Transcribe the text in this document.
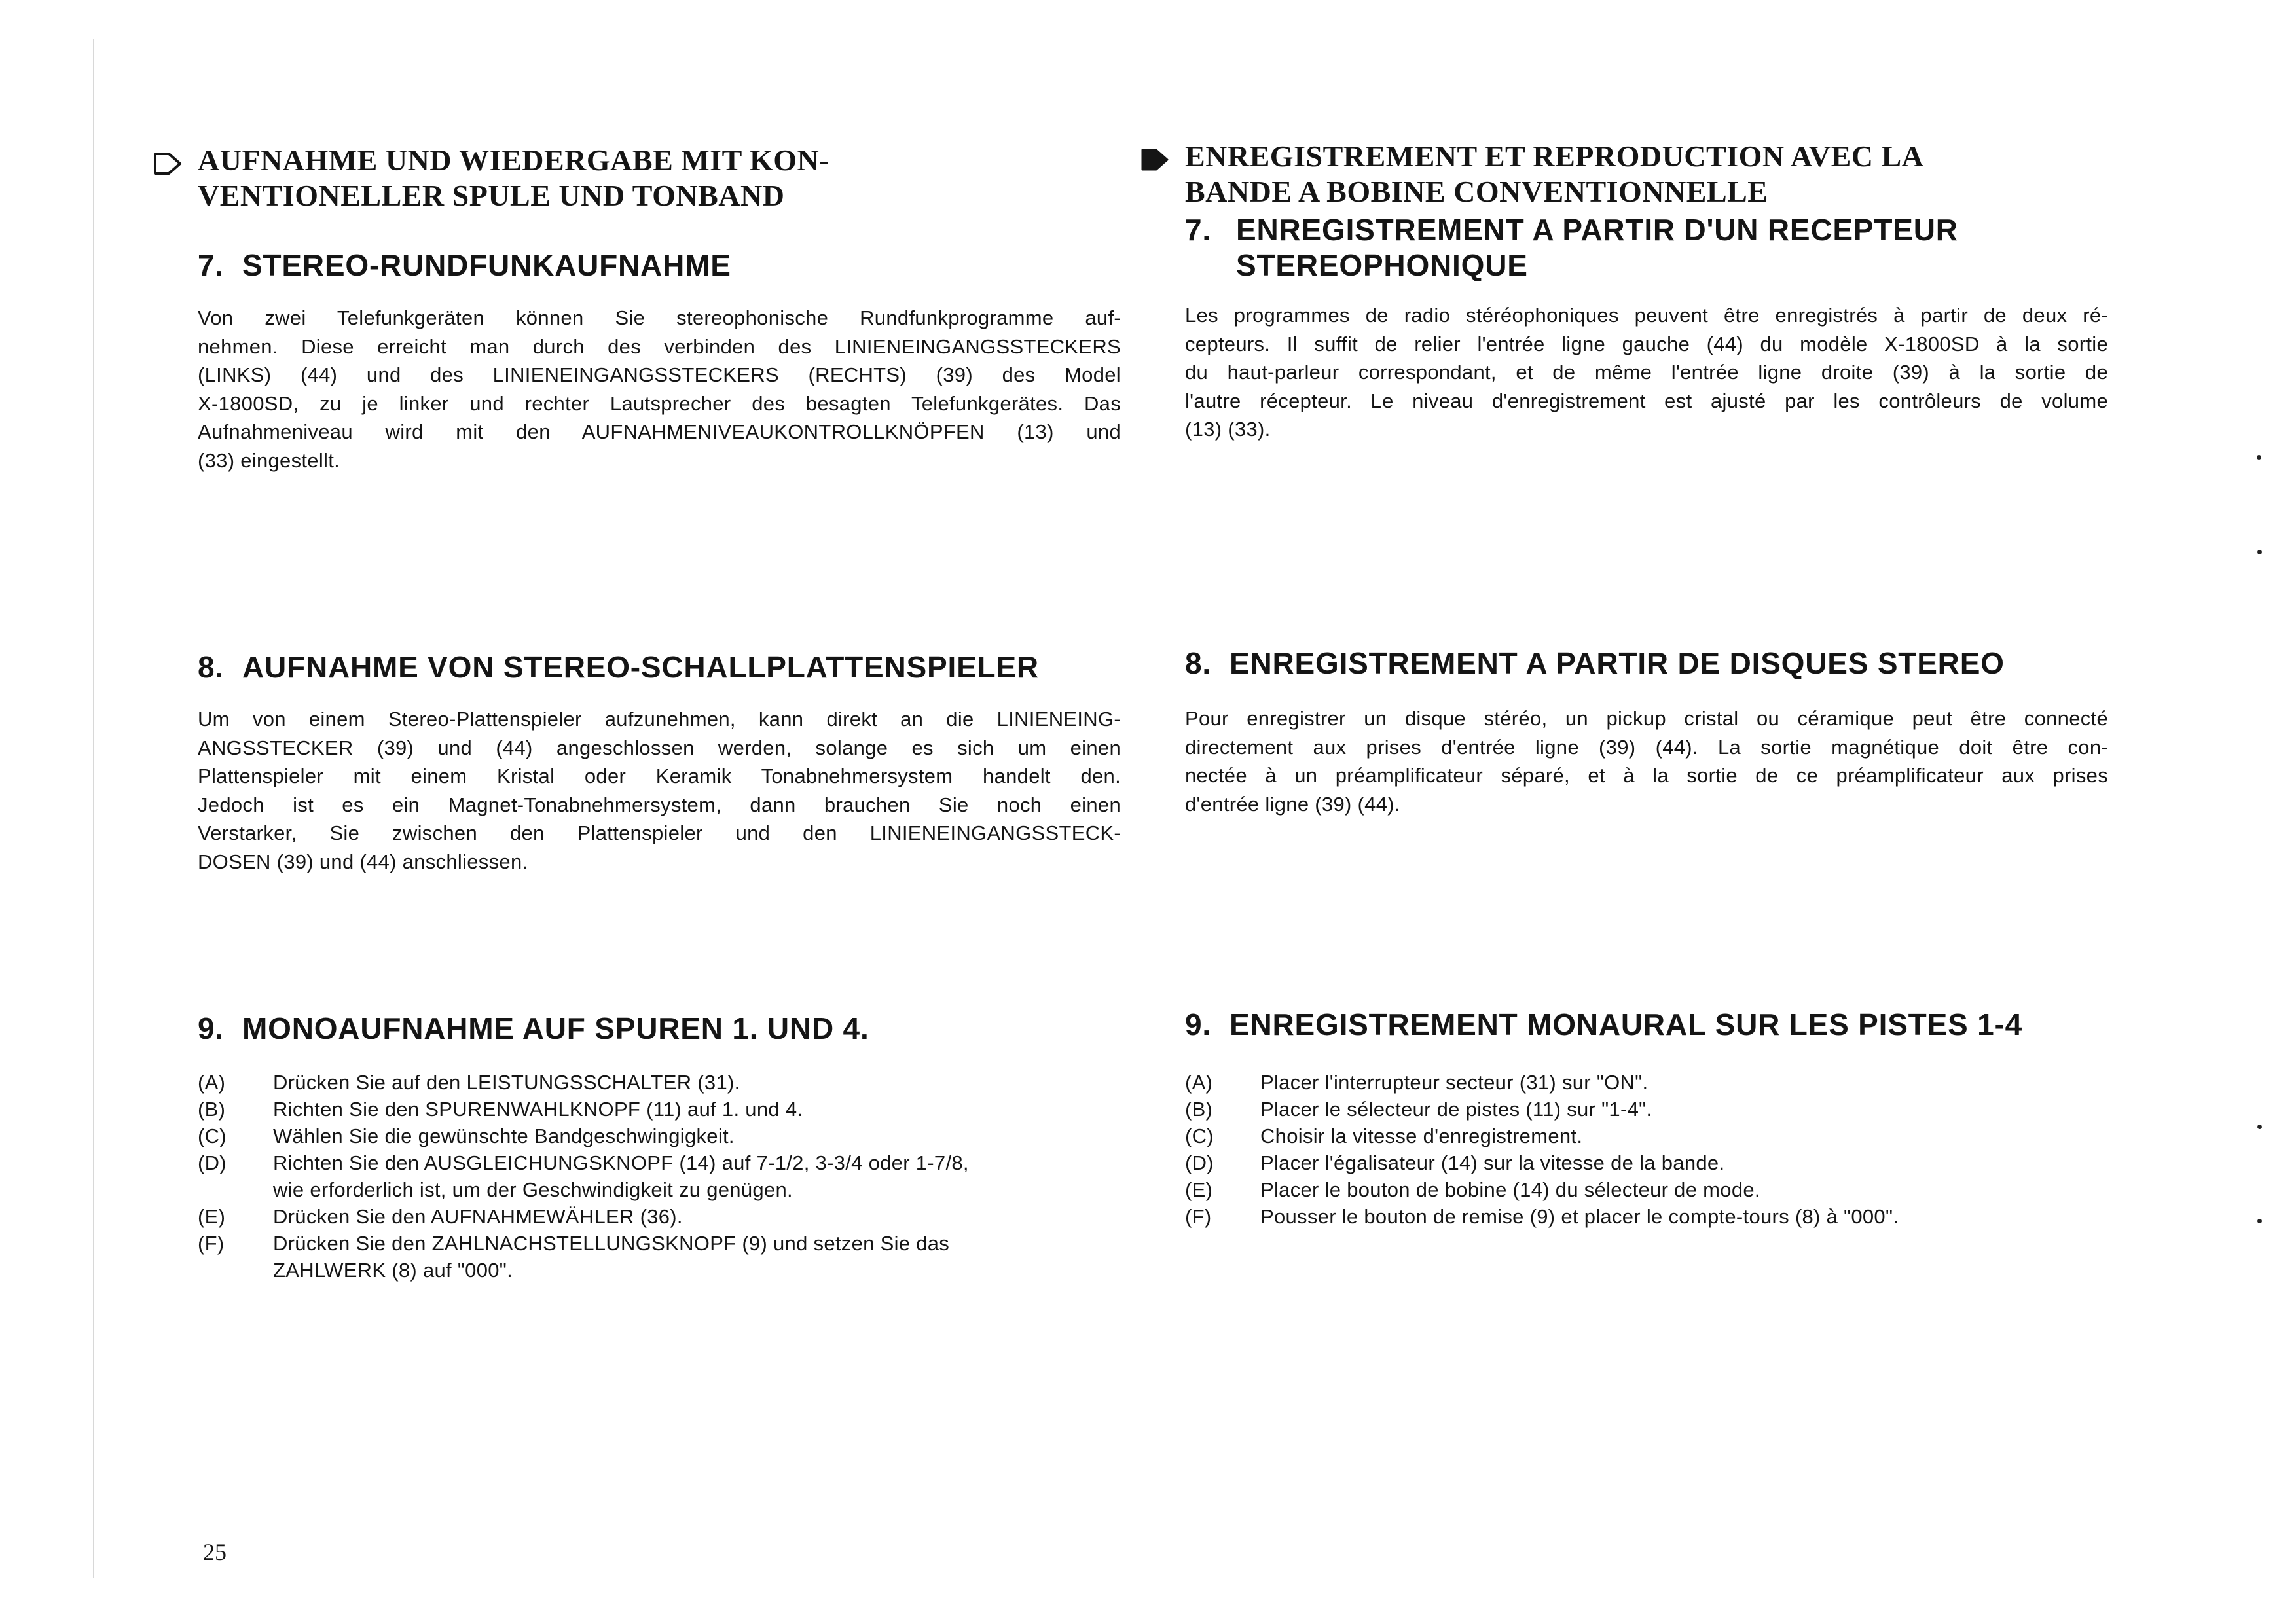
AUFNAHME UND WIEDERGABE MIT KON-
VENTIONELLER SPULE UND TONBAND
7. STEREO-RUNDFUNKAUFNAHME
Von zwei Telefunkgeräten können Sie stereophonische Rundfunkprogramme auf-
nehmen. Diese erreicht man durch des verbinden des LINIENEINGANGSSTECKERS
(LINKS) (44) und des LINIENEINGANGSSTECKERS (RECHTS) (39) des Model
X-1800SD, zu je linker und rechter Lautsprecher des besagten Telefunkgerätes. Das
Aufnahmeniveau wird mit den AUFNAHMENIVEAUKONTROLLKNÖPFEN (13) und
(33) eingestellt.
8. AUFNAHME VON STEREO-SCHALLPLATTENSPIELER
Um von einem Stereo-Plattenspieler aufzunehmen, kann direkt an die LINIENEING-
ANGSSTECKER (39) und (44) angeschlossen werden, solange es sich um einen
Plattenspieler mit einem Kristal oder Keramik Tonabnehmersystem handelt den.
Jedoch ist es ein Magnet-Tonabnehmersystem, dann brauchen Sie noch einen
Verstarker, Sie zwischen den Plattenspieler und den LINIENEINGANGSSTECK-
DOSEN (39) und (44) anschliessen.
9. MONOAUFNAHME AUF SPUREN 1. UND 4.
(A) Drücken Sie auf den LEISTUNGSSCHALTER (31).
(B) Richten Sie den SPURENWAHLKNOPF (11) auf 1. und 4.
(C) Wählen Sie die gewünschte Bandgeschwingigkeit.
(D) Richten Sie den AUSGLEICHUNGSKNOPF (14) auf 7-1/2, 3-3/4 oder 1-7/8,
wie erforderlich ist, um der Geschwindigkeit zu genügen.
(E) Drücken Sie den AUFNAHMEWÄHLER (36).
(F) Drücken Sie den ZAHLNACHSTELLUNGSKNOPF (9) und setzen Sie das
ZAHLWERK (8) auf "000".
ENREGISTREMENT ET REPRODUCTION AVEC LA
BANDE A BOBINE CONVENTIONNELLE
7. ENREGISTREMENT A PARTIR D'UN RECEPTEUR
STEREOPHONIQUE
Les programmes de radio stéréophoniques peuvent être enregistrés à partir de deux ré-
cepteurs. Il suffit de relier l'entrée ligne gauche (44) du modèle X-1800SD à la sortie
du haut-parleur correspondant, et de même l'entrée ligne droite (39) à la sortie de
l'autre récepteur. Le niveau d'enregistrement est ajusté par les contrôleurs de volume
(13) (33).
8. ENREGISTREMENT A PARTIR DE DISQUES STEREO
Pour enregistrer un disque stéréo, un pickup cristal ou céramique peut être connecté
directement aux prises d'entrée ligne (39) (44). La sortie magnétique doit être con-
nectée à un préamplificateur séparé, et à la sortie de ce préamplificateur aux prises
d'entrée ligne (39) (44).
9. ENREGISTREMENT MONAURAL SUR LES PISTES 1-4
(A) Placer l'interrupteur secteur (31) sur "ON".
(B) Placer le sélecteur de pistes (11) sur "1-4".
(C) Choisir la vitesse d'enregistrement.
(D) Placer l'égalisateur (14) sur la vitesse de la bande.
(E) Placer le bouton de bobine (14) du sélecteur de mode.
(F) Pousser le bouton de remise (9) et placer le compte-tours (8) à "000".
25
